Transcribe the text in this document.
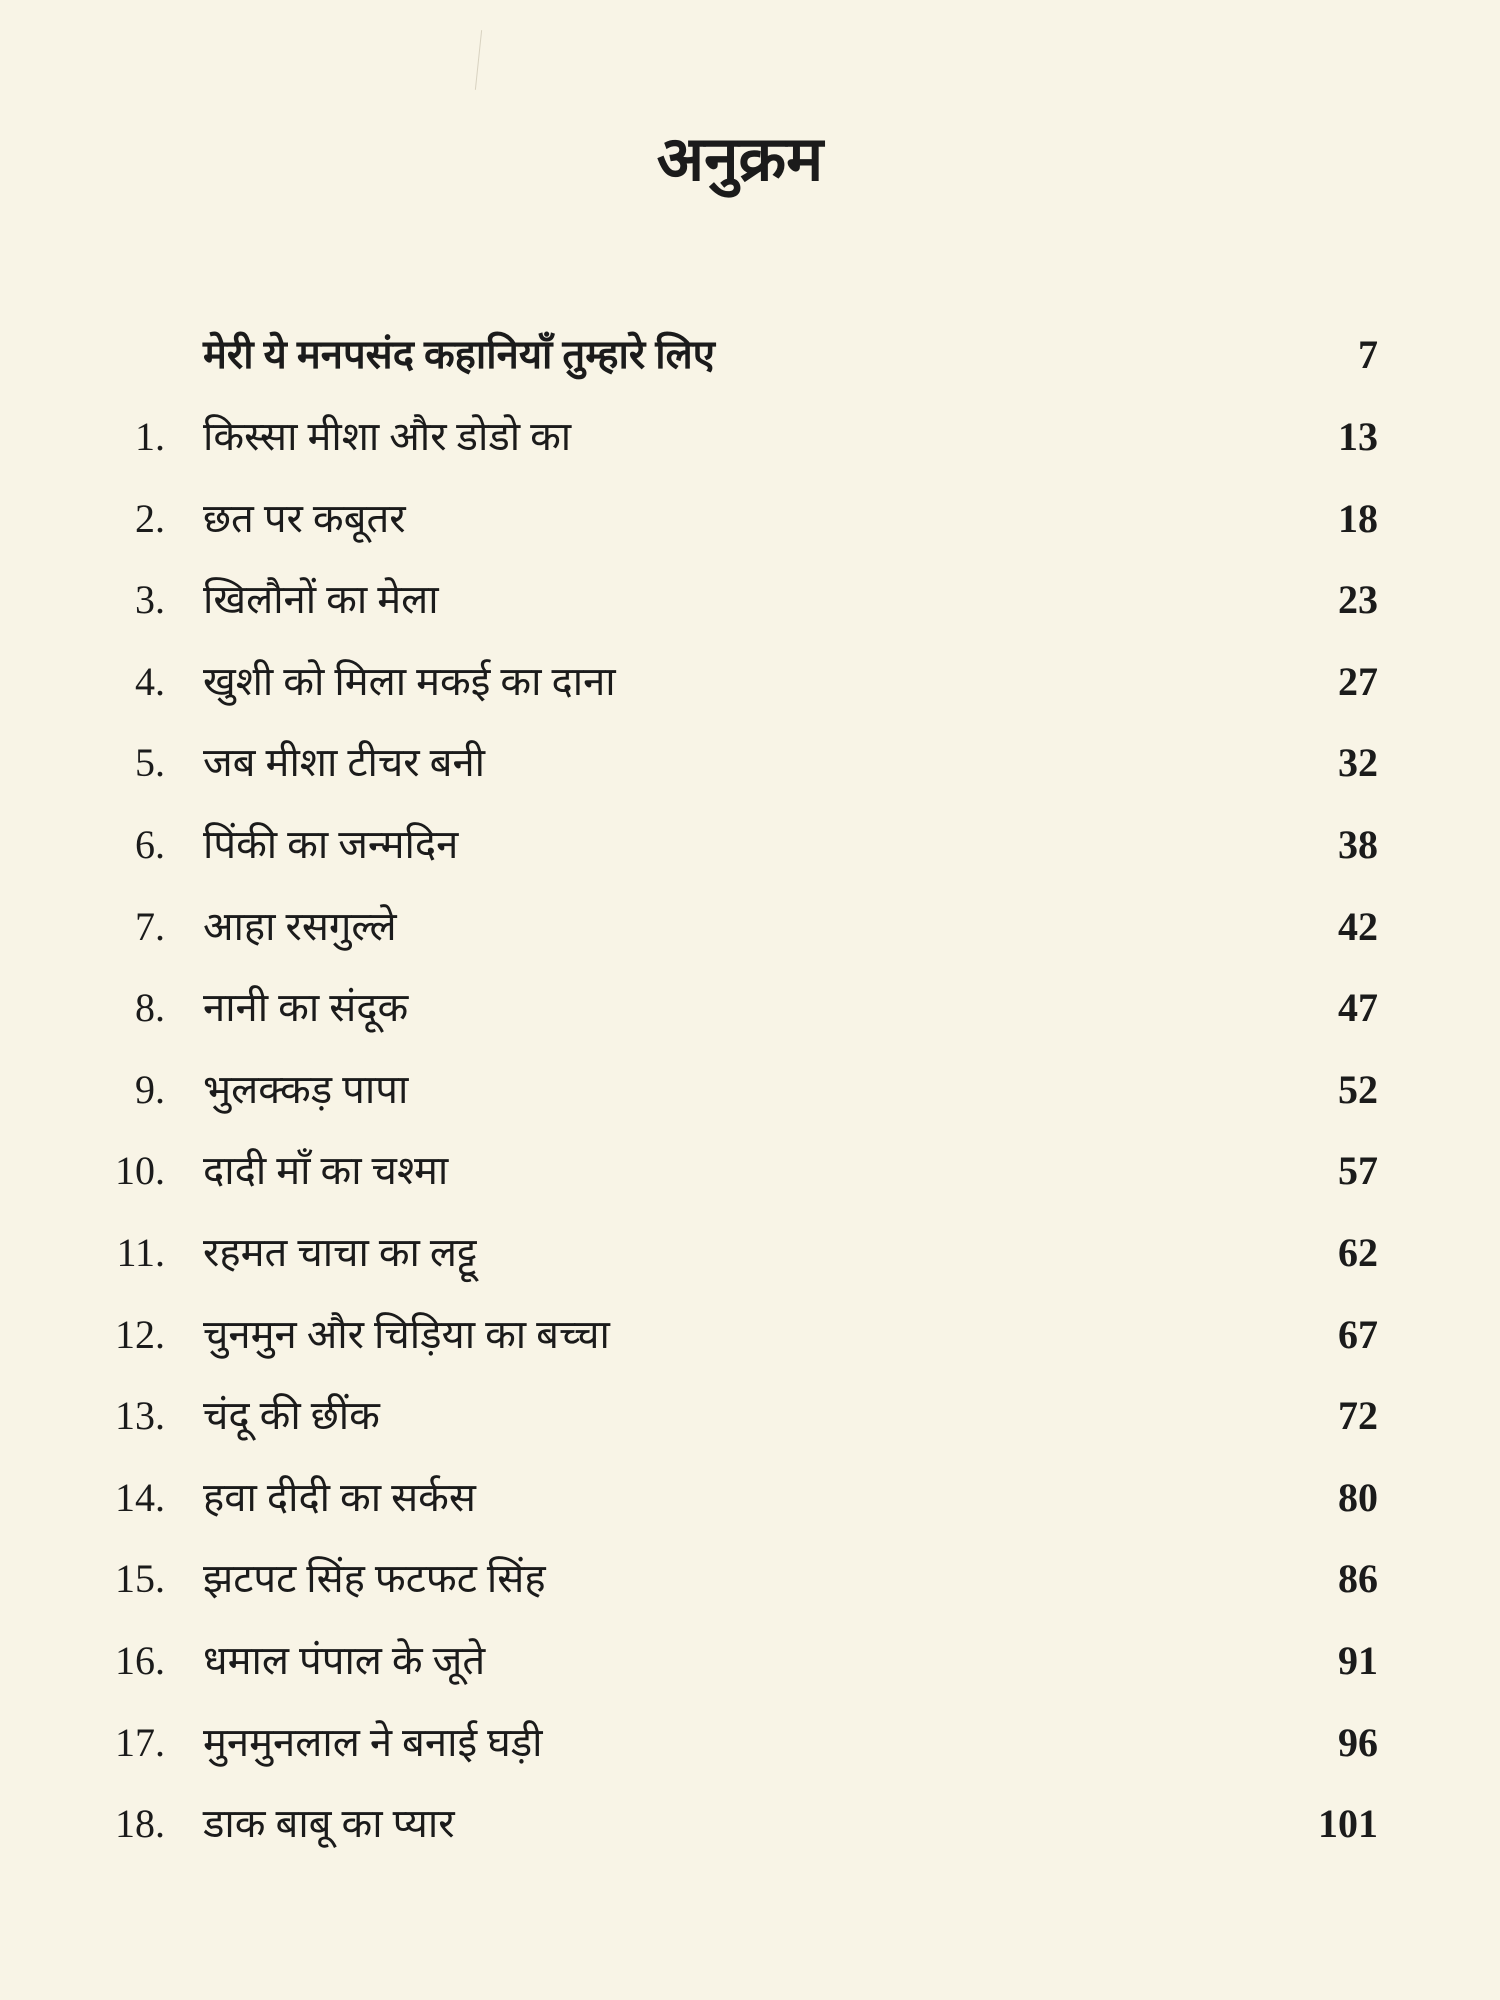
अनुक्रम
मेरी ये मनपसंद कहानियाँ तुम्हारे लिए	7
1. किस्सा मीशा और डोडो का	13
2. छत पर कबूतर	18
3. खिलौनों का मेला	23
4. खुशी को मिला मकई का दाना	27
5. जब मीशा टीचर बनी	32
6. पिंकी का जन्मदिन	38
7. आहा रसगुल्ले	42
8. नानी का संदूक	47
9. भुलक्कड़ पापा	52
10. दादी माँ का चश्मा	57
11. रहमत चाचा का लट्टू	62
12. चुनमुन और चिड़िया का बच्चा	67
13. चंदू की छींक	72
14. हवा दीदी का सर्कस	80
15. झटपट सिंह फटफट सिंह	86
16. धमाल पंपाल के जूते	91
17. मुनमुनलाल ने बनाई घड़ी	96
18. डाक बाबू का प्यार	101
